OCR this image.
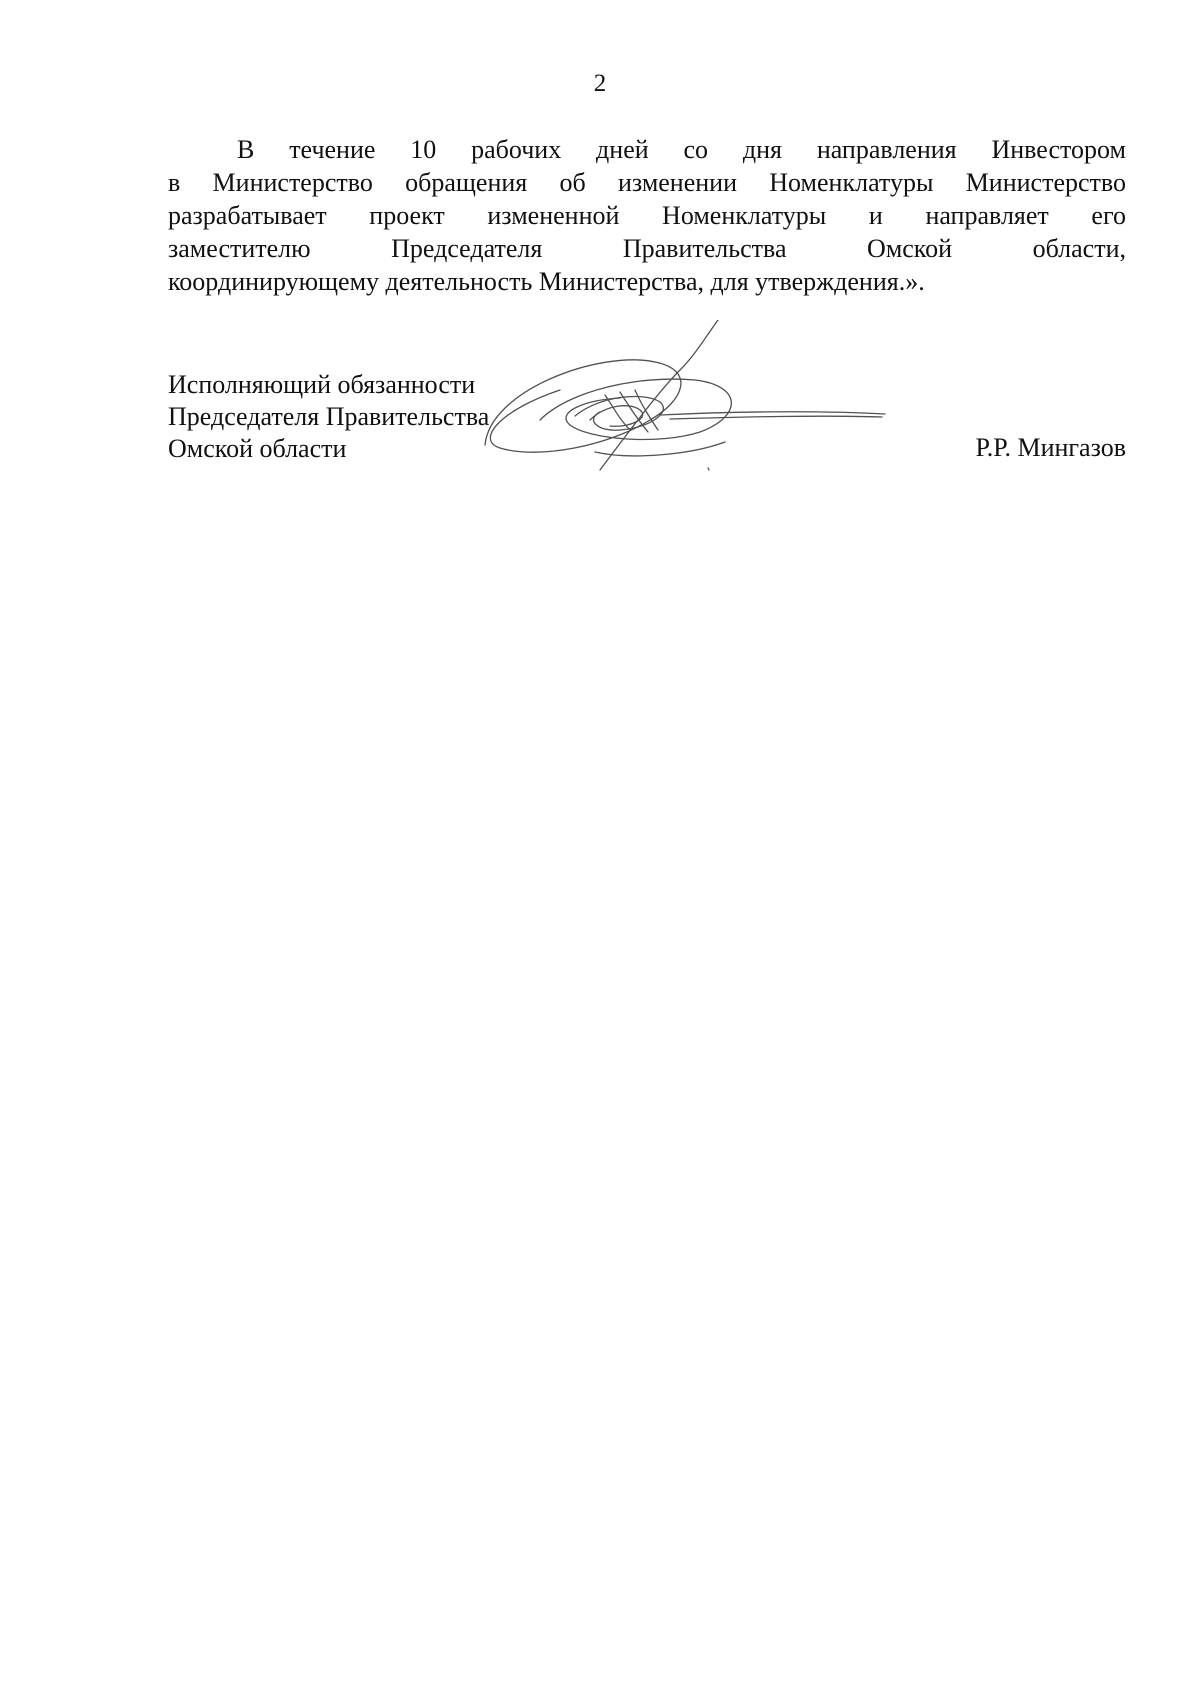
2
В течение 10 рабочих дней со дня направления Инвестором
в Министерство обращения об изменении Номенклатуры Министерство
разрабатывает проект измененной Номенклатуры и направляет его
заместителю Председателя Правительства Омской области,
координирующему деятельность Министерства, для утверждения.».
Исполняющий обязанности
Председателя Правительства
Омской области	Р.Р. Мингазов
